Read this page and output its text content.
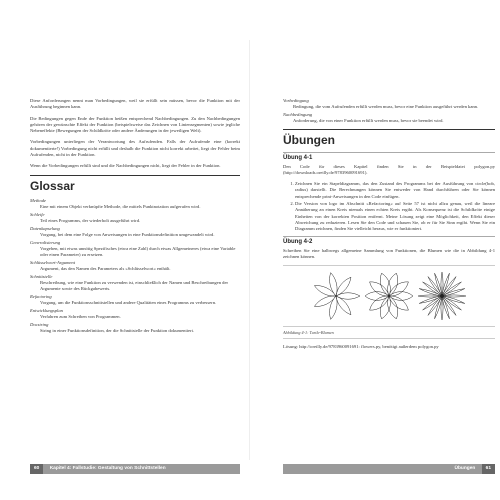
Diese Anforderungen nennt man Vorbedingungen, weil sie erfüllt sein müssen, bevor die Funktion mit der Ausführung beginnen kann.

Die Bedingungen gegen Ende der Funktion heißen entsprechend Nachbedingungen. Zu den Nachbedingungen gehören der gewünschte Effekt der Funktion (beispielsweise das Zeichnen von Liniensegmenten) sowie jegliche Nebeneffekte (Bewegungen der Schildkröte oder andere Änderungen in der jeweiligen Welt).

Vorbedingungen unterliegen der Verantwortung des Aufrufenden. Falls der Aufrufende eine (korrekt dokumentierte!) Vorbedingung nicht erfüllt und deshalb die Funktion nicht korrekt arbeitet, liegt der Fehler beim Aufrufenden, nicht in der Funktion.

Wenn die Vorbedingungen erfüllt sind und die Nachbedingungen nicht, liegt der Fehler in der Funktion.

Glossar
Methode
Eine mit einem Objekt verknüpfte Methode, die mittels Punktnotation aufgerufen wird.
Schleife
Teil eines Programms, der wiederholt ausgeführt wird.
Datenkapselung
Vorgang, bei dem eine Folge von Anweisungen in eine Funktionsdefinition umgewandelt wird.
Generalisierung
Vorgehen, mit etwas unnötig Spezifisches (etwa eine Zahl) durch etwas Allgemeineres (etwa eine Variable oder einen Parameter) zu ersetzen.
Schlüsselwort-Argument
Argument, das den Namen des Parameters als »Schlüsselwort« enthält.
Schnittstelle
Beschreibung, wie eine Funktion zu verwenden ist, einschließlich der Namen und Beschreibungen der Argumente sowie des Rückgabewerts.
Refactoring
Vorgang, um die Funktionsschnittstellen und andere Qualitäten eines Programms zu verbessern.
Entwicklungsplan
Verfahren zum Schreiben von Programmen.
Docstring
String in einer Funktionsdefinition, der die Schnittstelle der Funktion dokumentiert.
Vorbedingung
Bedingung, die vom Aufrufenden erfüllt werden muss, bevor eine Funktion ausgeführt werden kann.
Nachbedingung
Anforderung, die von einer Funktion erfüllt werden muss, bevor sie beendet wird.
Übungen
Übung 4-1

Den Code für dieses Kapitel finden Sie in der Beispieldatei polygon.py (http://downloads.oreilly.de/9783960091691).

1. Zeichnen Sie ein Stapeldiagramm, das den Zustand des Programms bei der Ausführung von circle(bob, radius) darstellt. Die Berechnungen können Sie entweder von Hand durchführen oder Sie können entsprechende print-Anweisungen in den Code einfügen.
2. Die Version von logo im Abschnitt »Refactoring« auf Seite 57 ist nicht allzu genau, weil die lineare Annäherung an einen Kreis niemals einen echten Kreis ergibt. Als Konsequenz ist die Schildkröte einige Einheiten von der korrekten Position entfernt. Meine Lösung zeigt eine Möglichkeit, den Effekt dieser Abweichung zu reduzieren. Lesen Sie den Code und schauen Sie, ob er für Sie Sinn ergibt. Wenn Sie ein Diagramm zeichnen, finden Sie vielleicht heraus, wie er funktioniert.
Übung 4-2

Schreiben Sie eine halbwegs allgemeine Sammlung von Funktionen, die Blumen wie die in Abbildung 4-1 zeichnen können.

Abbildung 4-1: Turtle-Blumen

Lösung: http://oreilly.de/9783960091691: flowers.py, benötigt außerdem polygon.py

60 Kapitel 4: Fallstudie: Gestaltung von Schnittstellen	Übungen 61
